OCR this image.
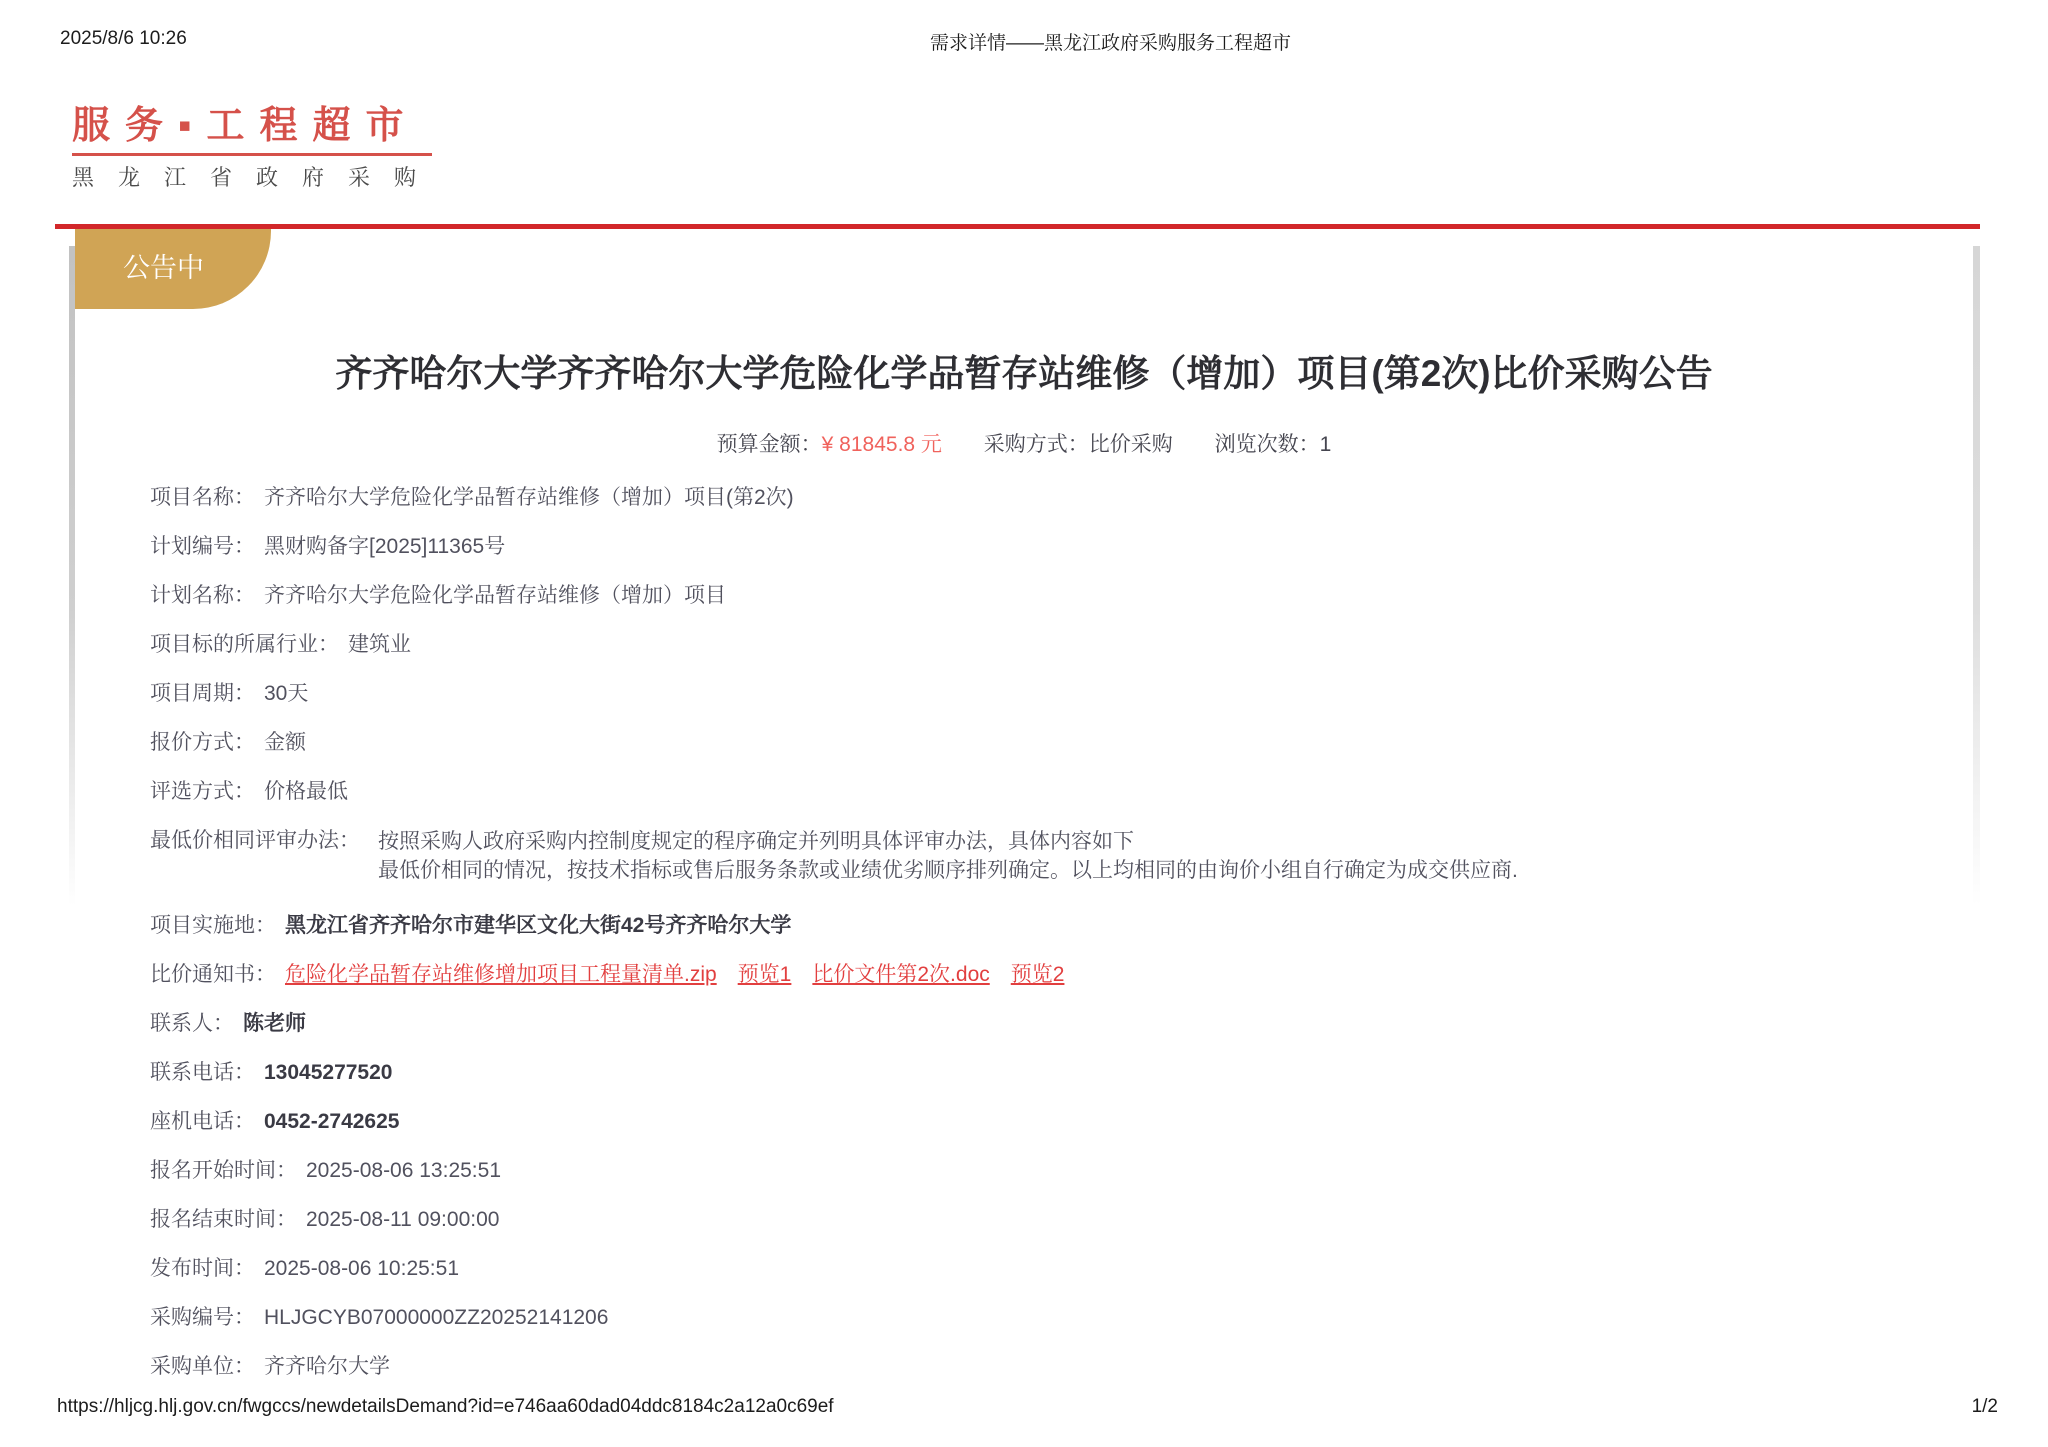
2025/8/6 10:26	需求详情——黑龙江政府采购服务工程超市
服务▪工程超市
黑龙江省政府采购
公告中
齐齐哈尔大学齐齐哈尔大学危险化学品暂存站维修（增加）项目(第2次)比价采购公告
预算金额：¥ 81845.8 元 采购方式：比价采购 浏览次数：1
项目名称： 齐齐哈尔大学危险化学品暂存站维修（增加）项目(第2次)
计划编号： 黑财购备字[2025]11365号
计划名称： 齐齐哈尔大学危险化学品暂存站维修（增加）项目
项目标的所属行业： 建筑业
项目周期： 30天
报价方式： 金额
评选方式： 价格最低
最低价相同评审办法： 按照采购人政府采购内控制度规定的程序确定并列明具体评审办法，具体内容如下
最低价相同的情况，按技术指标或售后服务条款或业绩优劣顺序排列确定。以上均相同的由询价小组自行确定为成交供应商.
项目实施地： 黑龙江省齐齐哈尔市建华区文化大街42号齐齐哈尔大学
比价通知书： 危险化学品暂存站维修增加项目工程量清单.zip 预览1 比价文件第2次.doc 预览2
联系人： 陈老师
联系电话： 13045277520
座机电话： 0452-2742625
报名开始时间： 2025-08-06 13:25:51
报名结束时间： 2025-08-11 09:00:00
发布时间： 2025-08-06 10:25:51
采购编号： HLJGCYB07000000ZZ20252141206
采购单位： 齐齐哈尔大学
https://hljcg.hlj.gov.cn/fwgccs/newdetailsDemand?id=e746aa60dad04ddc8184c2a12a0c69ef	1/2
